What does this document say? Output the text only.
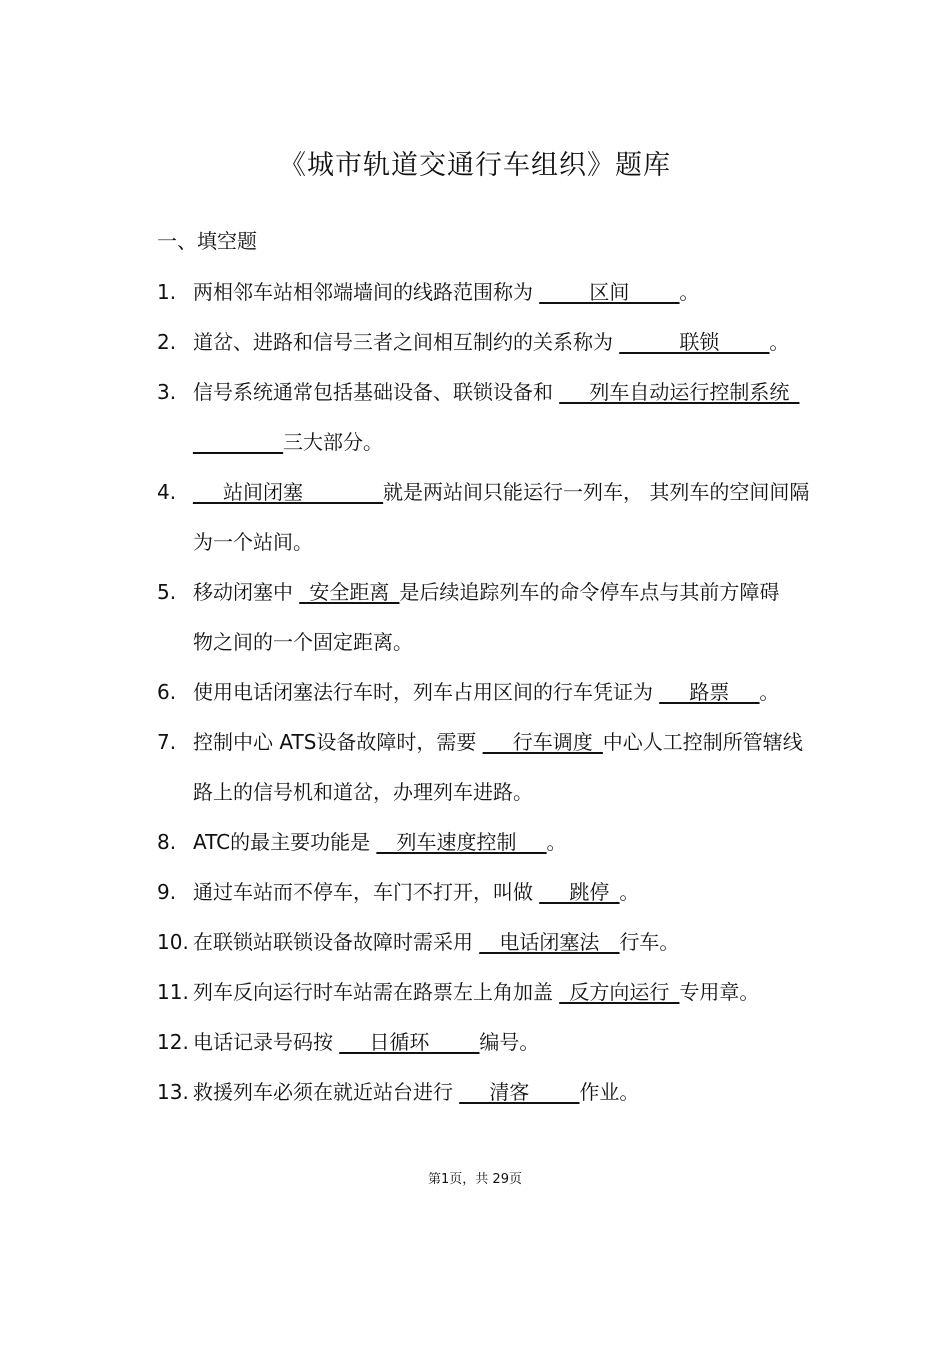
《城市轨道交通行车组织》题库
一、填空题
1. 两相邻车站相邻端墙间的线路范围称为 _____区间_____。
2. 道岔、进路和信号三者之间相互制约的关系称为 ______联锁_____。
3. 信号系统通常包括基础设备、联锁设备和 ___列车自动运行控制系统_
_________三大部分。
4. ___站间闭塞________就是两站间只能运行一列车， 其列车的空间间隔
为一个站间。
5. 移动闭塞中 _安全距离_是后续追踪列车的命令停车点与其前方障碍
物之间的一个固定距离。
6. 使用电话闭塞法行车时，列车占用区间的行车凭证为 ___路票___。
7. 控制中心 ATS设备故障时，需要 ___行车调度_中心人工控制所管辖线
路上的信号机和道岔，办理列车进路。
8. ATC的最主要功能是 __列车速度控制___。
9. 通过车站而不停车，车门不打开，叫做 ___跳停_。
10. 在联锁站联锁设备故障时需采用 __电话闭塞法__行车。
11. 列车反向运行时车站需在路票左上角加盖 _反方向运行_专用章。
12. 电话记录号码按 ___日循环_____编号。
13. 救援列车必须在就近站台进行 ___清客_____作业。
第1页，共 29页
